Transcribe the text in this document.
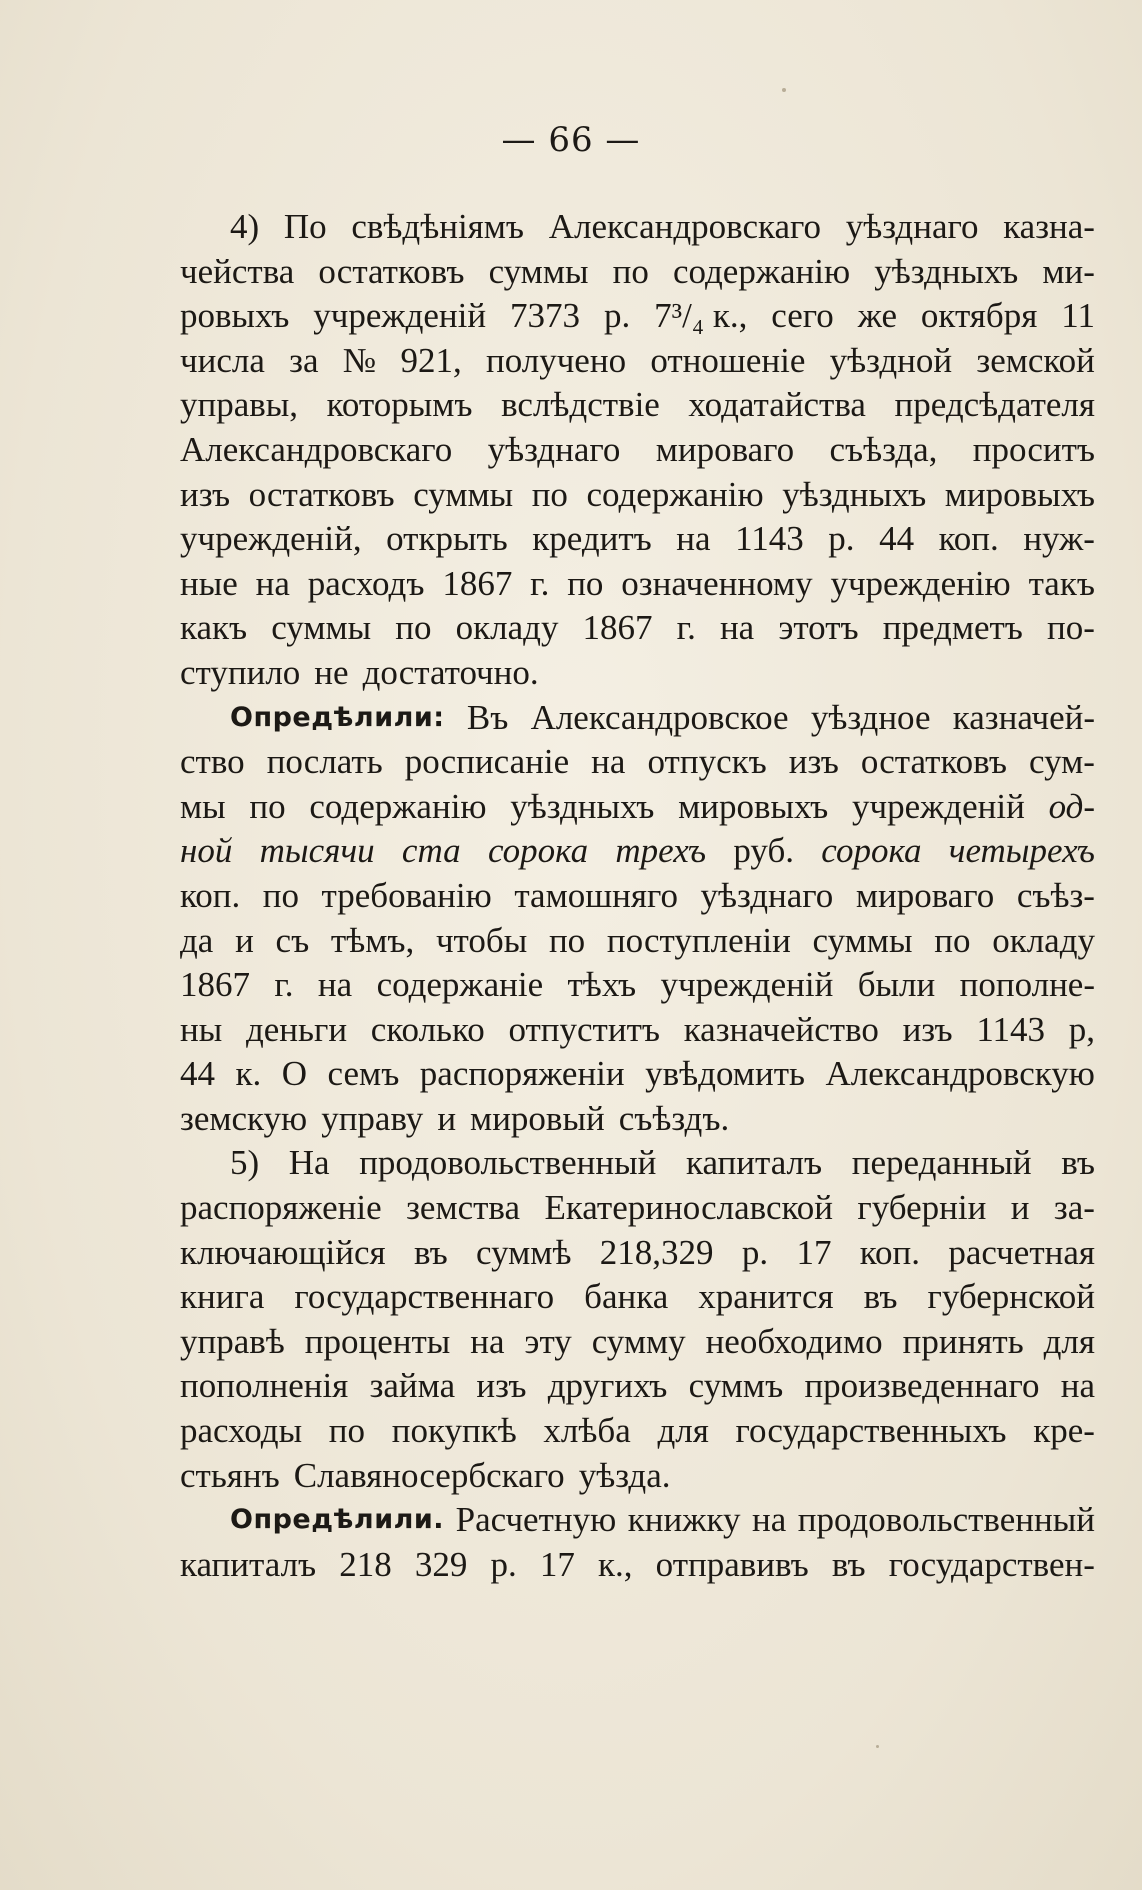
— 66 —
4) По свѣдѣніямъ Александровскаго уѣзднаго казна-
чейства остатковъ суммы по содержанію уѣздныхъ ми-
ровыхъ учрежденій 7373 р. 7³/₄ к., сего же октября 11
числа за № 921, получено отношеніе уѣздной земской
управы, которымъ вслѣдствіе ходатайства предсѣдателя
Александровскаго уѣзднаго мироваго съѣзда, проситъ
изъ остатковъ суммы по содержанію уѣздныхъ мировыхъ
учрежденій, открыть кредитъ на 1143 р. 44 коп. нуж-
ные на расходъ 1867 г. по означенному учрежденію такъ
какъ суммы по окладу 1867 г. на этотъ предметъ по-
ступило не достаточно.
Опредѣлили: Въ Александровское уѣздное казначей-
ство послать росписаніе на отпускъ изъ остатковъ сум-
мы по содержанію уѣздныхъ мировыхъ учрежденій од-
ной тысячи ста сорока трехъ руб. сорока четырехъ
коп. по требованію тамошняго уѣзднаго мироваго съѣз-
да и съ тѣмъ, чтобы по поступленіи суммы по окладу
1867 г. на содержаніе тѣхъ учрежденій были пополне-
ны деньги сколько отпуститъ казначейство изъ 1143 р,
44 к. О семъ распоряженіи увѣдомить Александровскую
земскую управу и мировый съѣздъ.
5) На продовольственный капиталъ переданный въ
распоряженіе земства Екатеринославской губерніи и за-
ключающійся въ суммѣ 218,329 р. 17 коп. расчетная
книга государственнаго банка хранится въ губернской
управѣ проценты на эту сумму необходимо принять для
пополненія займа изъ другихъ суммъ произведеннаго на
расходы по покупкѣ хлѣба для государственныхъ кре-
стьянъ Славяносербскаго уѣзда.
Опредѣлили. Расчетную книжку на продовольственный
капиталъ 218 329 р. 17 к., отправивъ въ государствен-
